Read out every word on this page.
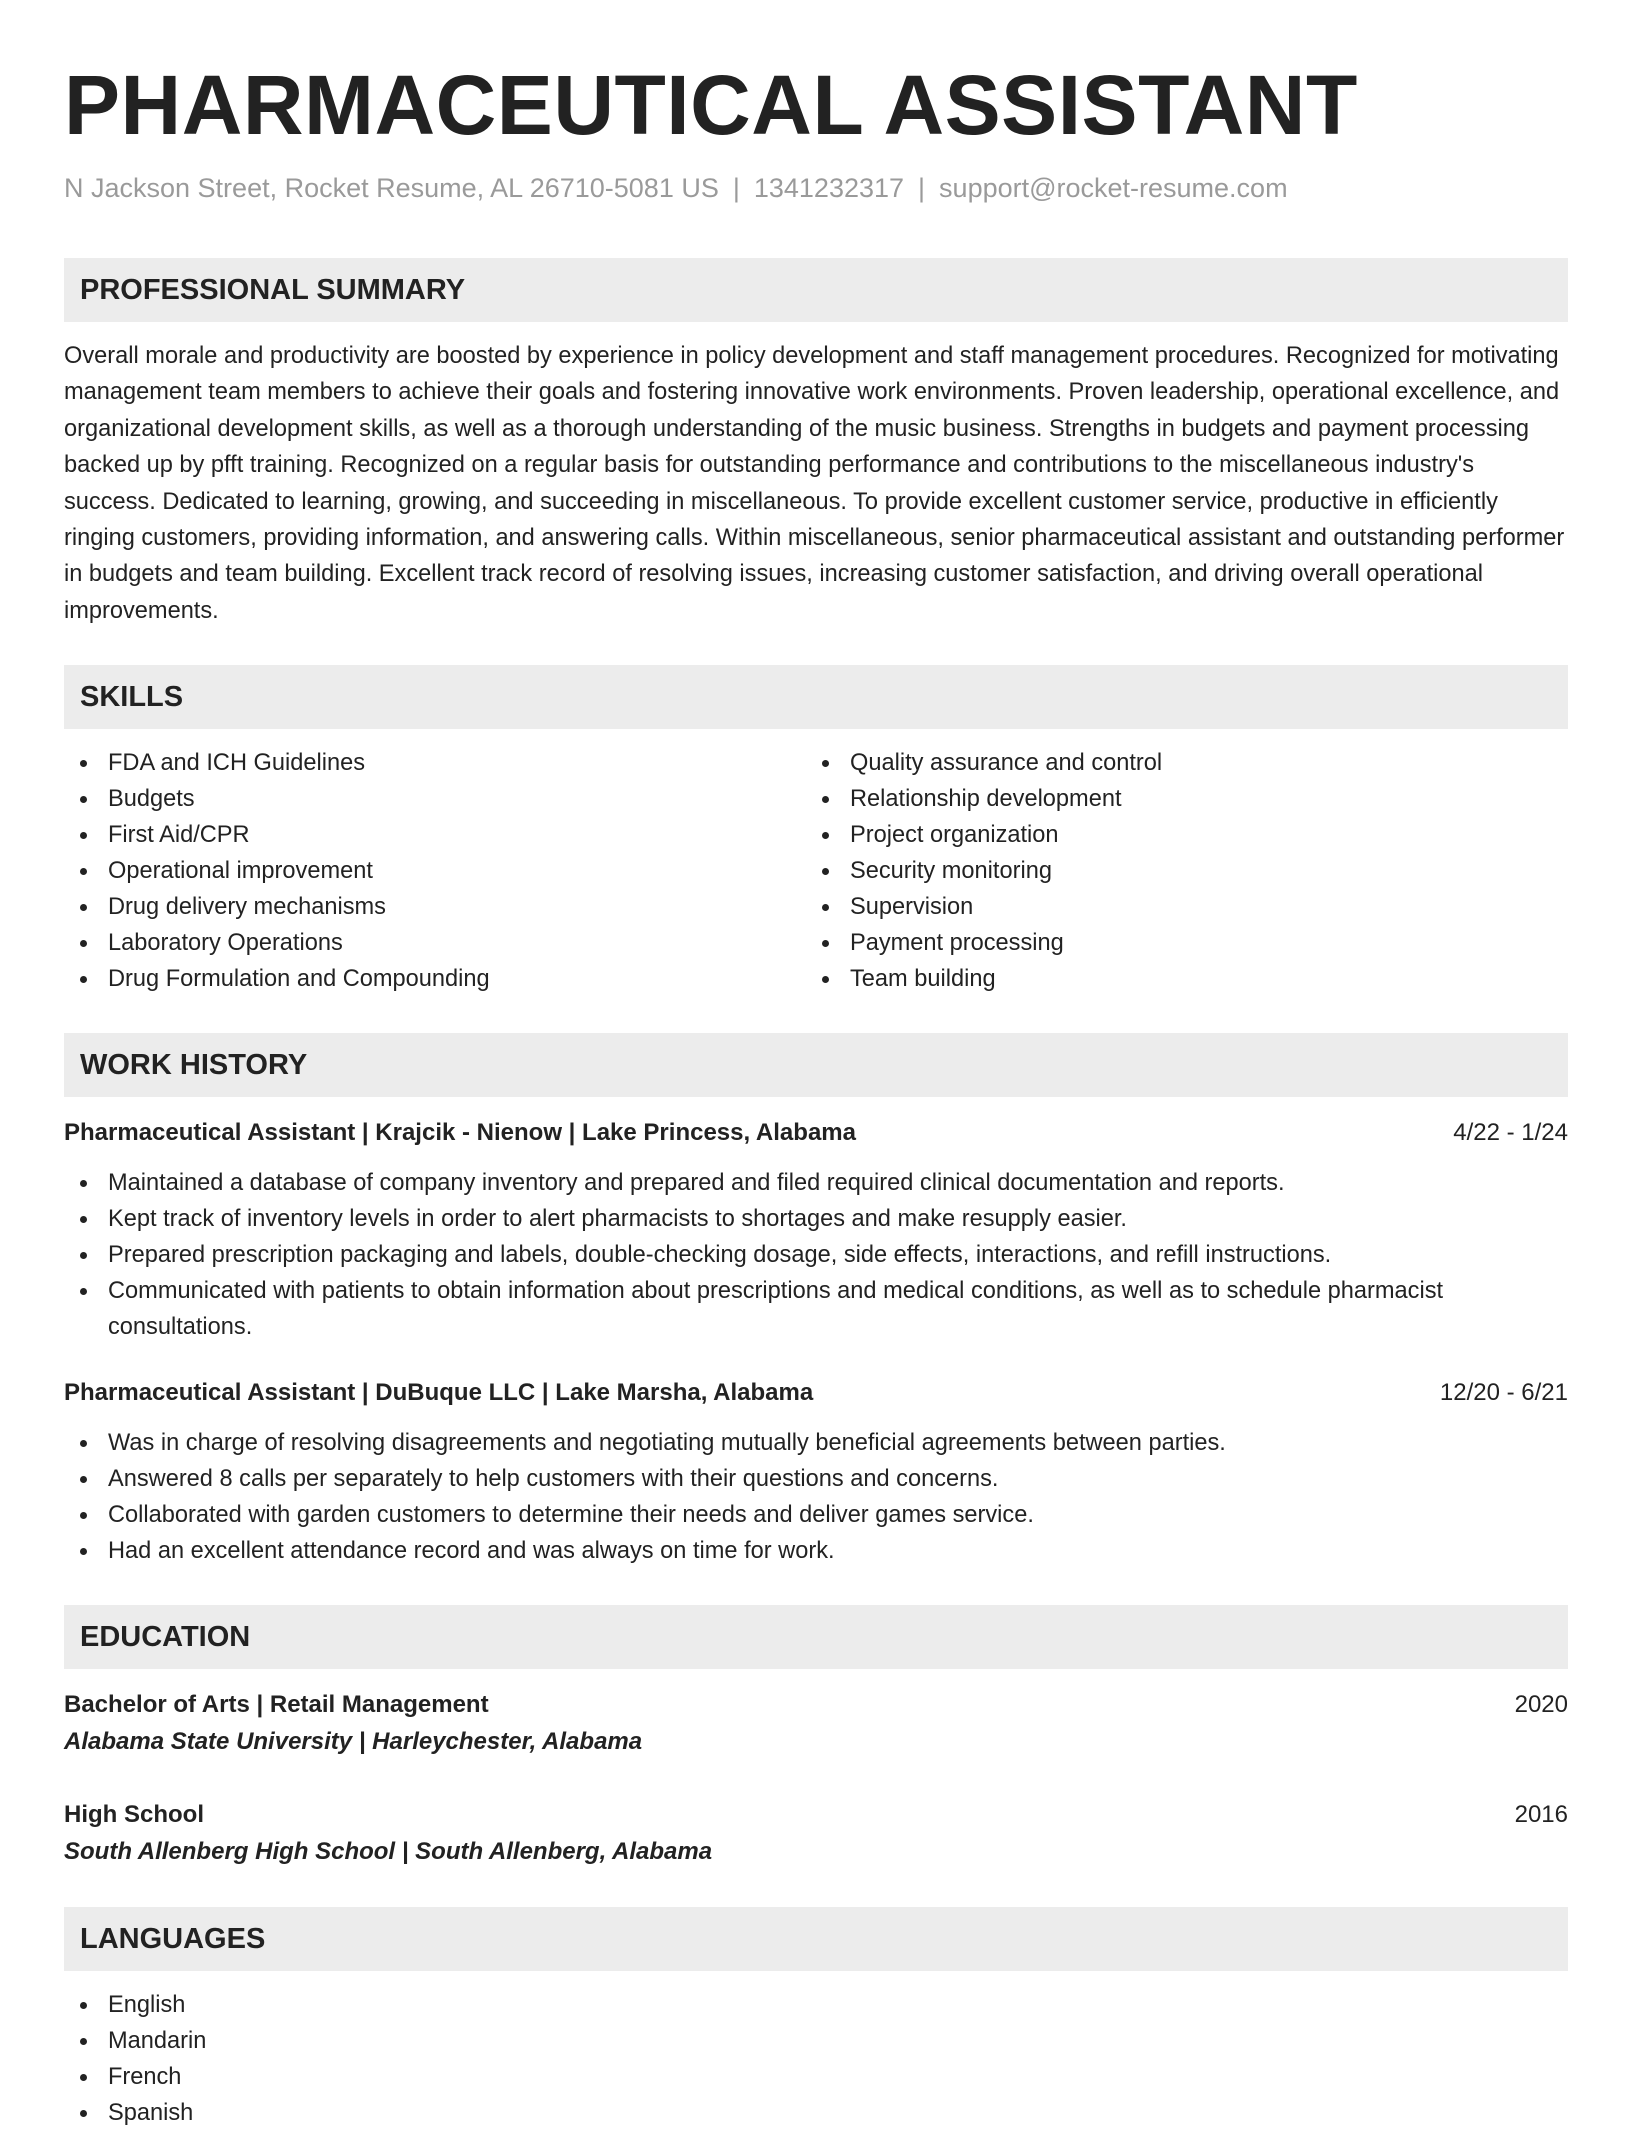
PHARMACEUTICAL ASSISTANT
N Jackson Street, Rocket Resume, AL 26710-5081 US | 1341232317 | support@rocket-resume.com
PROFESSIONAL SUMMARY
Overall morale and productivity are boosted by experience in policy development and staff management procedures. Recognized for motivating management team members to achieve their goals and fostering innovative work environments. Proven leadership, operational excellence, and organizational development skills, as well as a thorough understanding of the music business. Strengths in budgets and payment processing backed up by pfft training. Recognized on a regular basis for outstanding performance and contributions to the miscellaneous industry's success. Dedicated to learning, growing, and succeeding in miscellaneous. To provide excellent customer service, productive in efficiently ringing customers, providing information, and answering calls. Within miscellaneous, senior pharmaceutical assistant and outstanding performer in budgets and team building. Excellent track record of resolving issues, increasing customer satisfaction, and driving overall operational improvements.
SKILLS
FDA and ICH Guidelines
Budgets
First Aid/CPR
Operational improvement
Drug delivery mechanisms
Laboratory Operations
Drug Formulation and Compounding
Quality assurance and control
Relationship development
Project organization
Security monitoring
Supervision
Payment processing
Team building
WORK HISTORY
Pharmaceutical Assistant | Krajcik - Nienow | Lake Princess, Alabama	4/22 - 1/24
Maintained a database of company inventory and prepared and filed required clinical documentation and reports.
Kept track of inventory levels in order to alert pharmacists to shortages and make resupply easier.
Prepared prescription packaging and labels, double-checking dosage, side effects, interactions, and refill instructions.
Communicated with patients to obtain information about prescriptions and medical conditions, as well as to schedule pharmacist consultations.
Pharmaceutical Assistant | DuBuque LLC | Lake Marsha, Alabama	12/20 - 6/21
Was in charge of resolving disagreements and negotiating mutually beneficial agreements between parties.
Answered 8 calls per separately to help customers with their questions and concerns.
Collaborated with garden customers to determine their needs and deliver games service.
Had an excellent attendance record and was always on time for work.
EDUCATION
Bachelor of Arts | Retail Management	2020
Alabama State University | Harleychester, Alabama
High School	2016
South Allenberg High School | South Allenberg, Alabama
LANGUAGES
English
Mandarin
French
Spanish
